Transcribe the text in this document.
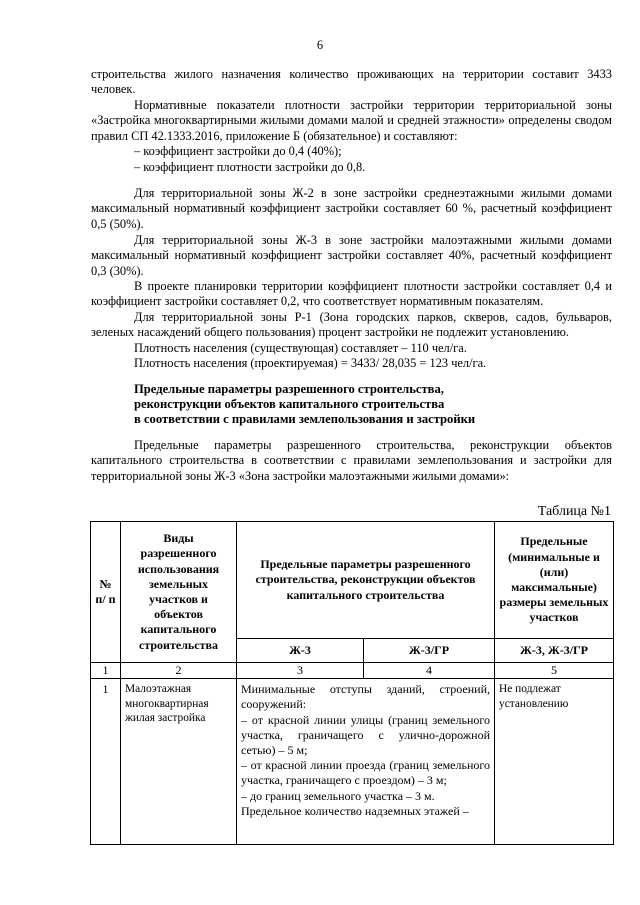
6
строительства жилого назначения количество проживающих на территории составит 3433 человек.
Нормативные показатели плотности застройки территории территориальной зоны «Застройка многоквартирными жилыми домами малой и средней этажности» определены сводом правил СП 42.1333.2016, приложение Б (обязательное) и составляют:
– коэффициент застройки до 0,4 (40%);
– коэффициент плотности застройки до 0,8.
Для территориальной зоны Ж-2 в зоне застройки среднеэтажными жилыми домами максимальный нормативный коэффициент застройки составляет 60 %, расчетный коэффициент 0,5 (50%).
Для территориальной зоны Ж-3 в зоне застройки малоэтажными жилыми домами максимальный нормативный коэффициент застройки составляет 40%, расчетный коэффициент 0,3 (30%).
В проекте планировки территории коэффициент плотности застройки составляет 0,4 и коэффициент застройки составляет 0,2, что соответствует нормативным показателям.
Для территориальной зоны Р-1 (Зона городских парков, скверов, садов, бульваров, зеленых насаждений общего пользования) процент застройки не подлежит установлению.
Плотность населения (существующая) составляет – 110 чел/га.
Плотность населения (проектируемая) = 3433/ 28,035 = 123 чел/га.
Предельные параметры разрешенного строительства,
реконструкции объектов капитального строительства
в соответствии с правилами землепользования и застройки
Предельные параметры разрешенного строительства, реконструкции объектов капитального строительства в соответствии с правилами землепользования и застройки для территориальной зоны Ж-3 «Зона застройки малоэтажными жилыми домами»:
Таблица №1
№ п/ п	Виды разрешенного использования земельных участков и объектов капитального строительства	Предельные параметры разрешенного строительства, реконструкции объектов капитального строительства		Предельные (минимальные и (или) максимальные) размеры земельных участков
		Ж-3	Ж-3/ГР	Ж-3, Ж-3/ГР
1	2	3	4	5
1	Малоэтажная многоквартирная жилая застройка	Минимальные отступы зданий, строений, сооружений:
– от красной линии улицы (границ земельного участка, граничащего с улично-дорожной сетью) – 5 м;
– от красной линии проезда (границ земельного участка, граничащего с проездом) – 3 м;
– до границ земельного участка – 3 м.
Предельное количество надземных этажей –		Не подлежат установлению
